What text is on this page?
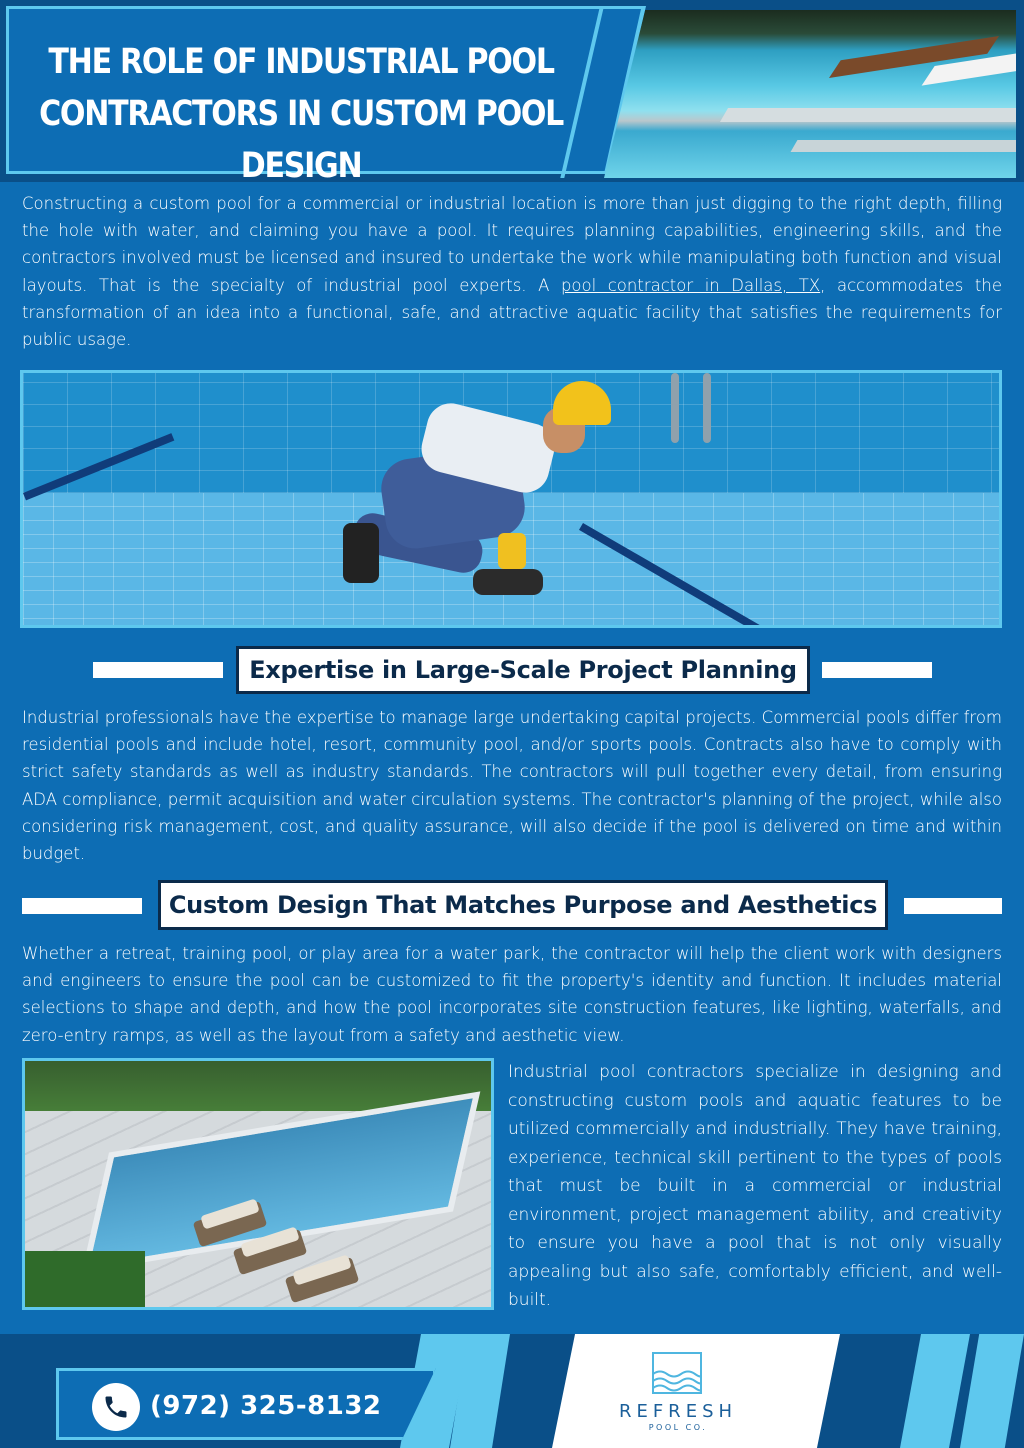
THE ROLE OF INDUSTRIAL POOL
CONTRACTORS IN CUSTOM POOL DESIGN
Constructing a custom pool for a commercial or industrial location is more than just digging to the right depth, filling the hole with water, and claiming you have a pool. It requires planning capabilities, engineering skills, and the contractors involved must be licensed and insured to undertake the work while manipulating both function and visual layouts. That is the specialty of industrial pool experts. A pool contractor in Dallas, TX, accommodates the transformation of an idea into a functional, safe, and attractive aquatic facility that satisfies the requirements for public usage.
Expertise in Large-Scale Project Planning
Industrial professionals have the expertise to manage large undertaking capital projects. Commercial pools differ from residential pools and include hotel, resort, community pool, and/or sports pools. Contracts also have to comply with strict safety standards as well as industry standards. The contractors will pull together every detail, from ensuring ADA compliance, permit acquisition and water circulation systems. The contractor's planning of the project, while also considering risk management, cost, and quality assurance, will also decide if the pool is delivered on time and within budget.
Custom Design That Matches Purpose and Aesthetics
Whether a retreat, training pool, or play area for a water park, the contractor will help the client work with designers and engineers to ensure the pool can be customized to fit the property's identity and function. It includes material selections to shape and depth, and how the pool incorporates site construction features, like lighting, waterfalls, and zero-entry ramps, as well as the layout from a safety and aesthetic view.
Industrial pool contractors specialize in designing and constructing custom pools and aquatic features to be utilized commercially and industrially. They have training, experience, technical skill pertinent to the types of pools that must be built in a commercial or industrial environment, project management ability, and creativity to ensure you have a pool that is not only visually appealing but also safe, comfortably efficient, and well-built.
(972) 325-8132	REFRESH
POOL CO.
